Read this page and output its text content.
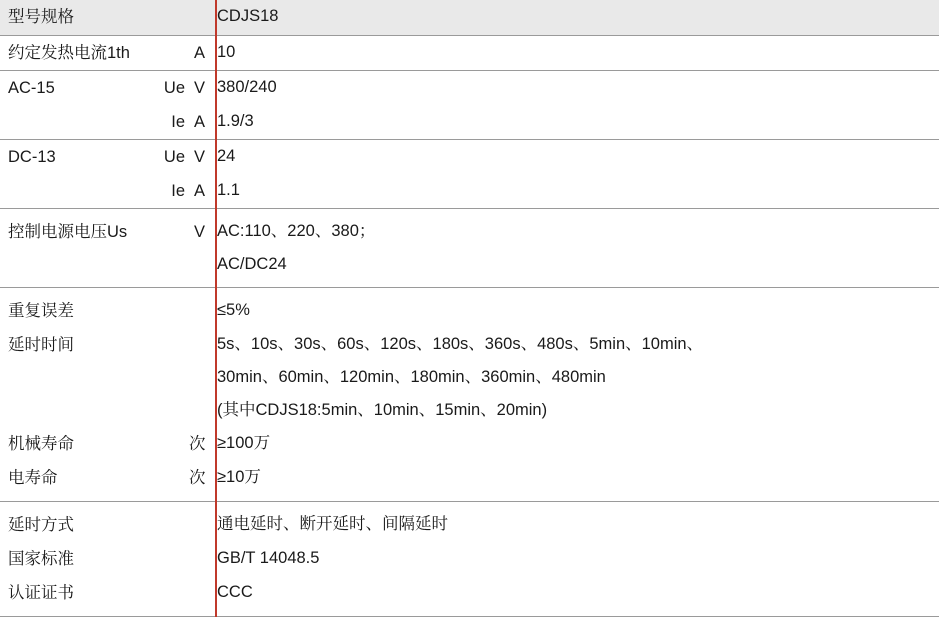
型号规格	CDJS18

约定发热电流1th A	10

AC-15 Ue V	380/240

Ie A	1.9/3

DC-13 Ue V	24

Ie A	1.1

控制电源电压Us	V	AC:110、220、380；
AC/DC24

重复误差	≤5%

延时时间	5s、10s、30s、60s、120s、180s、360s、480s、5min、10min、
30min、60min、120min、180min、360min、480min
(其中CDJS18:5min、10min、15min、20min)

机械寿命 次	≥100万

电寿命 次	≥10万

延时方式	通电延时、断开延时、间隔延时

国家标准	GB/T 14048.5

认证证书	CCC
